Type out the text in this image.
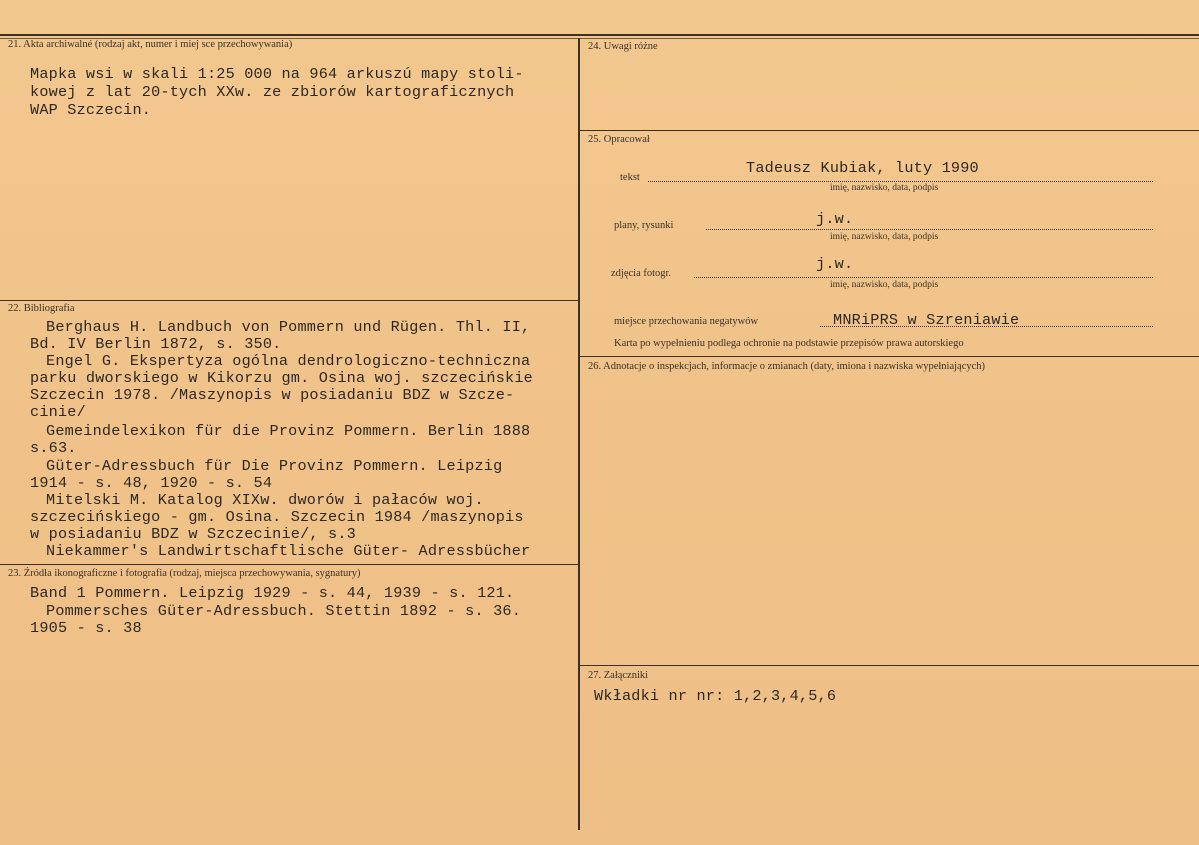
21. Akta archiwalné (rodzaj akt, numer i miej sce przechowywania)
Mapka wsi w skali 1:25 000 na 964 arkuszú mapy stoli-
kowej z lat 20-tych XXw. ze zbiorów kartograficznych
WAP Szczecin.
22. Bibliografia
Berghaus H. Landbuch von Pommern und Rügen. Thl. II,
Bd. IV Berlin 1872, s. 350.
Engel G. Ekspertyza ogólna dendrologiczno-techniczna
parku dworskiego w Kikorzu gm. Osina woj. szczecińskie
Szczecin 1978. /Maszynopis w posiadaniu BDZ w Szcze-
cinie/
Gemeindelexikon für die Provinz Pommern. Berlin 1888
s.63.
Güter-Adressbuch für Die Provinz Pommern. Leipzig
1914 - s. 48, 1920 - s. 54
Mitelski M. Katalog XIXw. dworów i pałaców woj.
szczecińskiego - gm. Osina. Szczecin 1984 /maszynopis
w posiadaniu BDZ w Szczecinie/, s.3
Niekammer's Landwirtschaftlische Güter- Adressbücher
23. Źródła ikonograficzne i fotografia (rodzaj, miejsca przechowywania, sygnatury)
Band 1 Pommern. Leipzig 1929 - s. 44, 1939 - s. 121.
Pommersches Güter-Adressbuch. Stettin 1892 - s. 36.
1905 - s. 38
24. Uwagi różne
25. Opracował
tekst
Tadeusz Kubiak, luty 1990
imię, nazwisko, data, podpis
plany, rysunki	j.w.
imię, nazwisko, data, podpis
zdjęcia fotogr.
j.w.
imię, nazwisko, data, podpis
miejsce przechowania negatywów	MNRiPRS w Szreniawie
Karta po wypełnieniu podlega ochronie na podstawie przepisów prawa autorskiego
26. Adnotacje o inspekcjach, informacje o zmianach (daty, imiona i nazwiska wypełniających)
27. Załączniki
Wkładki nr nr: 1,2,3,4,5,6
